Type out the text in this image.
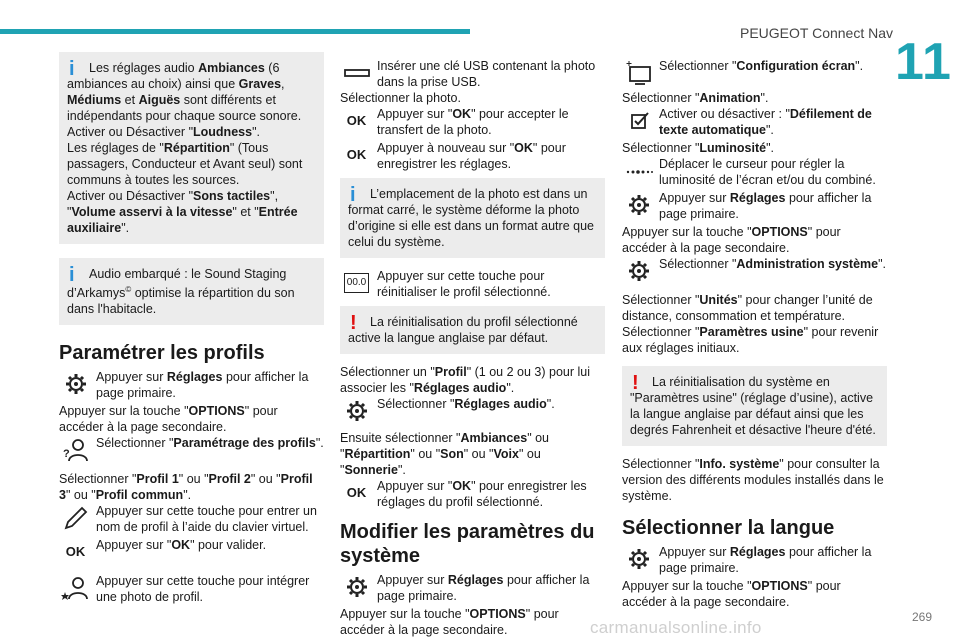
PEUGEOT Connect Nav 11
i	Les réglages audio Ambiances (6 ambiances au choix) ainsi que Graves, Médiums et Aiguës sont différents et indépendants pour chaque source sonore.
Activer ou Désactiver "Loudness".
Les réglages de "Répartition" (Tous passagers, Conducteur et Avant seul) sont communs à toutes les sources.
Activer ou Désactiver "Sons tactiles", "Volume asservi à la vitesse" et "Entrée auxiliaire".

i	Audio embarqué : le Sound Staging d’Arkamys© optimise la répartition du son dans l'habitacle.

Paramétrer les profils

Appuyer sur Réglages pour afficher la page primaire.

Appuyer sur la touche "OPTIONS" pour accéder à la page secondaire.

?

Sélectionner "Paramétrage des profils".

Sélectionner "Profil 1" ou "Profil 2" ou "Profil 3" ou "Profil commun".

Appuyer sur cette touche pour entrer un nom de profil à l’aide du clavier virtuel.

OK Appuyer sur "OK" pour valider.

Appuyer sur cette touche pour intégrer une photo de profil.

Insérer une clé USB contenant la photo dans la prise USB.

Sélectionner la photo.

OK Appuyer sur "OK" pour accepter le transfert de la photo.

OK Appuyer à nouveau sur "OK" pour enregistrer les réglages.

i	L’emplacement de la photo est dans un format carré, le système déforme la photo d’origine si elle est dans un format autre que celui du système.

00.0 Appuyer sur cette touche pour réinitialiser le profil sélectionné.

!	La réinitialisation du profil sélectionné active la langue anglaise par défaut.

Sélectionner un "Profil" (1 ou 2 ou 3) pour lui associer les "Réglages audio".

Sélectionner "Réglages audio".

Ensuite sélectionner "Ambiances" ou "Répartition" ou "Son" ou "Voix" ou "Sonnerie".

OK Appuyer sur "OK" pour enregistrer les réglages du profil sélectionné.

Modifier les paramètres du système

Appuyer sur Réglages pour afficher la page primaire.

Appuyer sur la touche "OPTIONS" pour accéder à la page secondaire.

Sélectionner "Configuration écran".

Sélectionner "Animation".

Activer ou désactiver : "Défilement de texte automatique".

Sélectionner "Luminosité".

Déplacer le curseur pour régler la luminosité de l’écran et/ou du combiné.

Appuyer sur Réglages pour afficher la page primaire.

Appuyer sur la touche "OPTIONS" pour accéder à la page secondaire.

Sélectionner "Administration système".

Sélectionner "Unités" pour changer l’unité de distance, consommation et température.
Sélectionner "Paramètres usine" pour revenir aux réglages initiaux.

!	La réinitialisation du système en "Paramètres usine" (réglage d’usine), active la langue anglaise par défaut ainsi que les degrés Fahrenheit et désactive l'heure d'été.

Sélectionner "Info. système" pour consulter la version des différents modules installés dans le système.

Sélectionner la langue

Appuyer sur Réglages pour afficher la page primaire.

Appuyer sur la touche "OPTIONS" pour accéder à la page secondaire.

carmanualsonline.info
269
